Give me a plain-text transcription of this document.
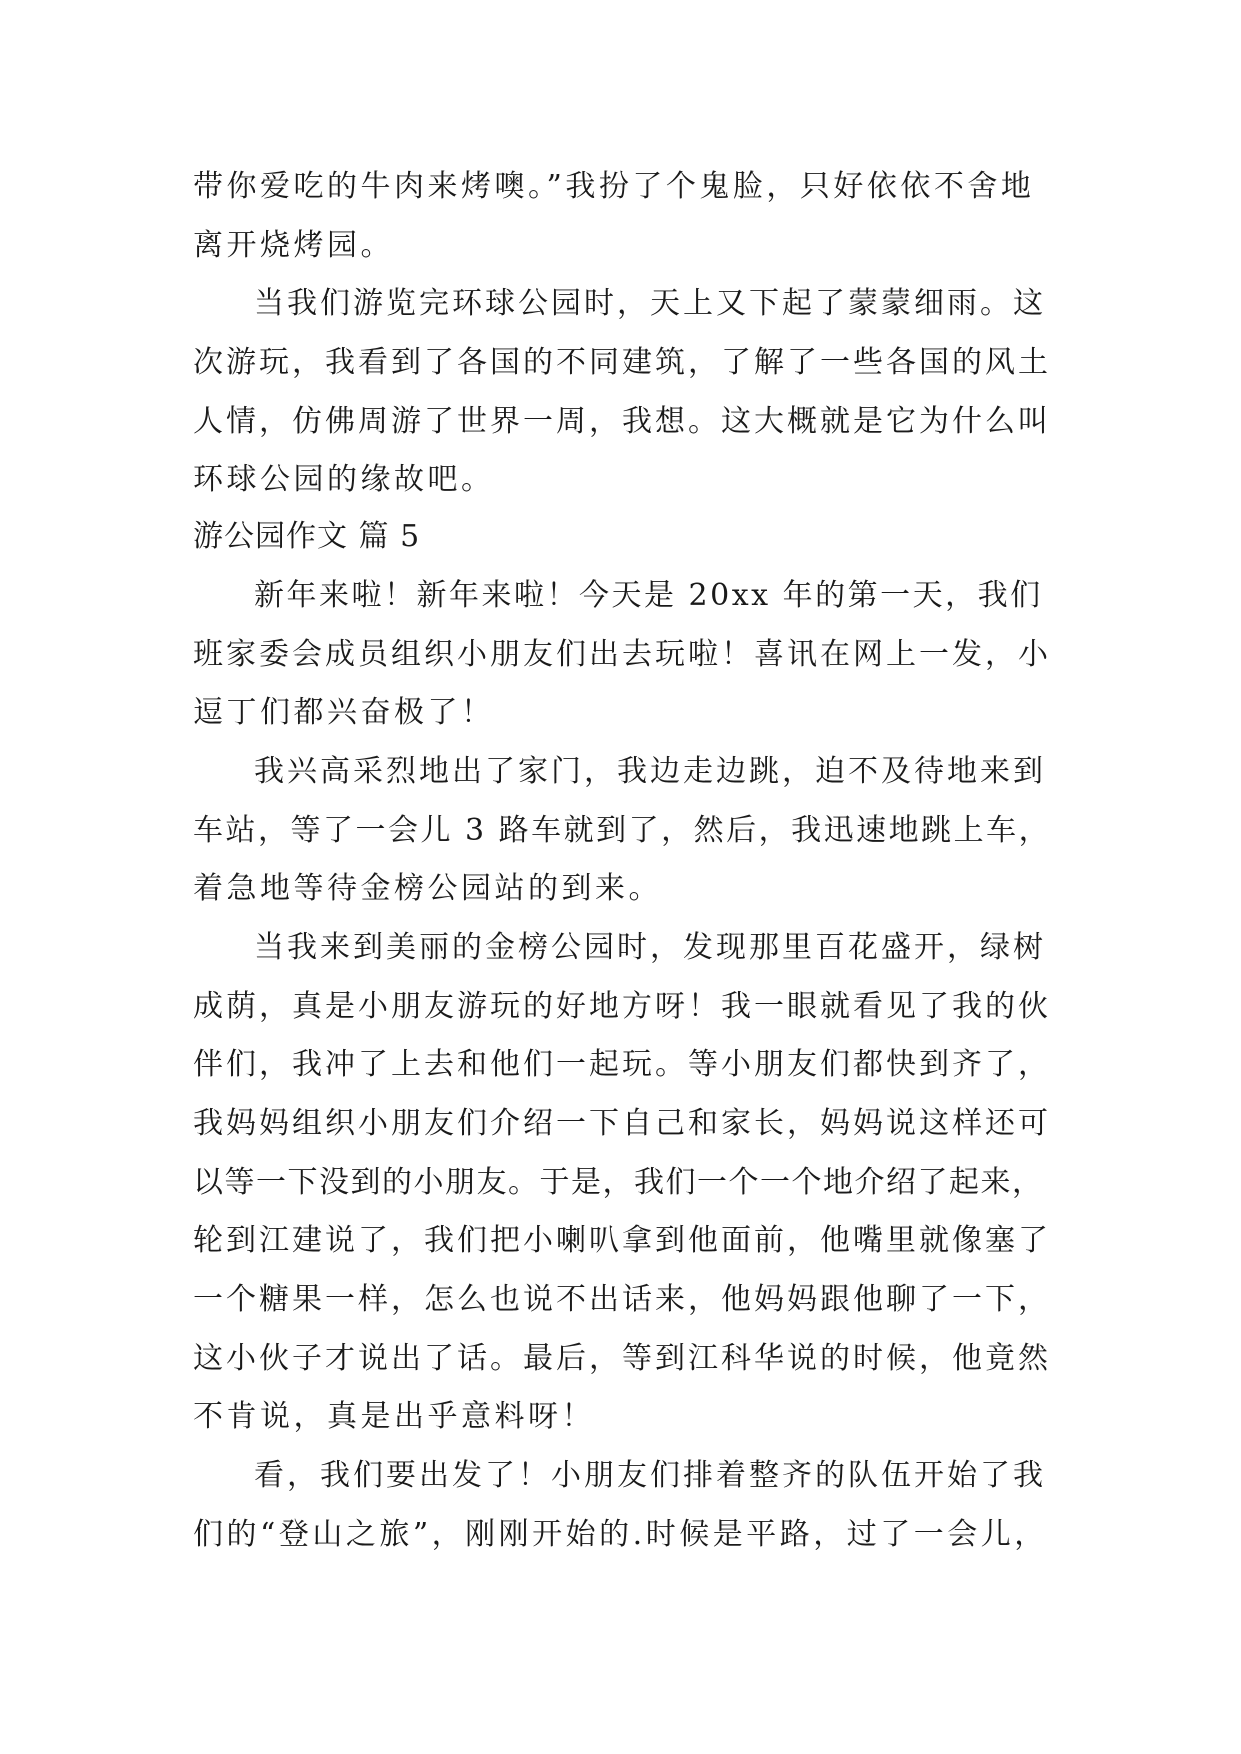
带你爱吃的牛肉来烤噢。”我扮了个鬼脸，只好依依不舍地
离开烧烤园。
当我们游览完环球公园时，天上又下起了蒙蒙细雨。这
次游玩，我看到了各国的不同建筑，了解了一些各国的风土
人情，仿佛周游了世界一周，我想。这大概就是它为什么叫
环球公园的缘故吧。
游公园作文 篇 5
新年来啦！新年来啦！今天是 20xx 年的第一天，我们
班家委会成员组织小朋友们出去玩啦！喜讯在网上一发，小
逗丁们都兴奋极了！
我兴高采烈地出了家门，我边走边跳，迫不及待地来到
车站，等了一会儿 3 路车就到了，然后，我迅速地跳上车，
着急地等待金榜公园站的到来。
当我来到美丽的金榜公园时，发现那里百花盛开，绿树
成荫，真是小朋友游玩的好地方呀！我一眼就看见了我的伙
伴们，我冲了上去和他们一起玩。等小朋友们都快到齐了，
我妈妈组织小朋友们介绍一下自己和家长，妈妈说这样还可
以等一下没到的小朋友。于是，我们一个一个地介绍了起来，
轮到江建说了，我们把小喇叭拿到他面前，他嘴里就像塞了
一个糖果一样，怎么也说不出话来，他妈妈跟他聊了一下，
这小伙子才说出了话。最后，等到江科华说的时候，他竟然
不肯说，真是出乎意料呀！
看，我们要出发了！小朋友们排着整齐的队伍开始了我
们的“登山之旅”，刚刚开始的.时候是平路，过了一会儿，
